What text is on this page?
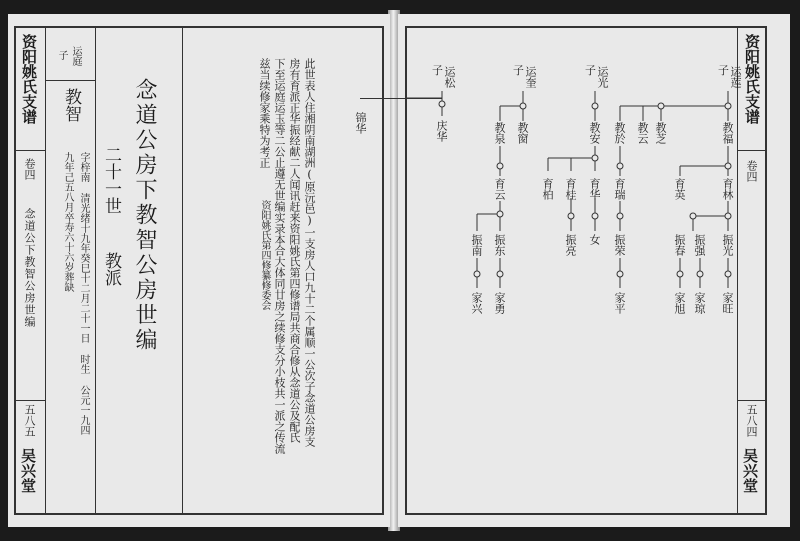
资阳姚氏支谱
卷四
念道公下教智公房世编
五八五
吴兴堂
运庭
子
教智
字梓南 清光绪十九年癸巳十二月二十一日 时生 公元一九四
九年己五八月卒寿六十六岁葬缺 二十一世
教派 念道公房下教智公房世编	此世表人住湘阴南湖洲(原沅邑)一支房人口九十二个属顺一公次子念道公房支
房有育派正华振经献二人闻讯赶来资阳姚氏第四修谱局共商合修从念道公及配氏
下至运庭运玉等二公止遵无世编实录本合大体同廿房之续修支分小枝共一派之传流
兹当续修家乘特为考正
资阳姚氏第四修纂修委会
资阳姚氏支谱
卷四
五八四
吴兴堂
子 运莲
子 运光
子 运奎
子 运松
教福
教芝
教云
教於
教安
教窗
教泉
庆华
锦华
育林
育英
育瑞
育华
育桂
育柏
育云
女	振光
振强
振春
振荣
振亮
振东
振南
家旺
家琼
家旭
家平
家勇
家兴
